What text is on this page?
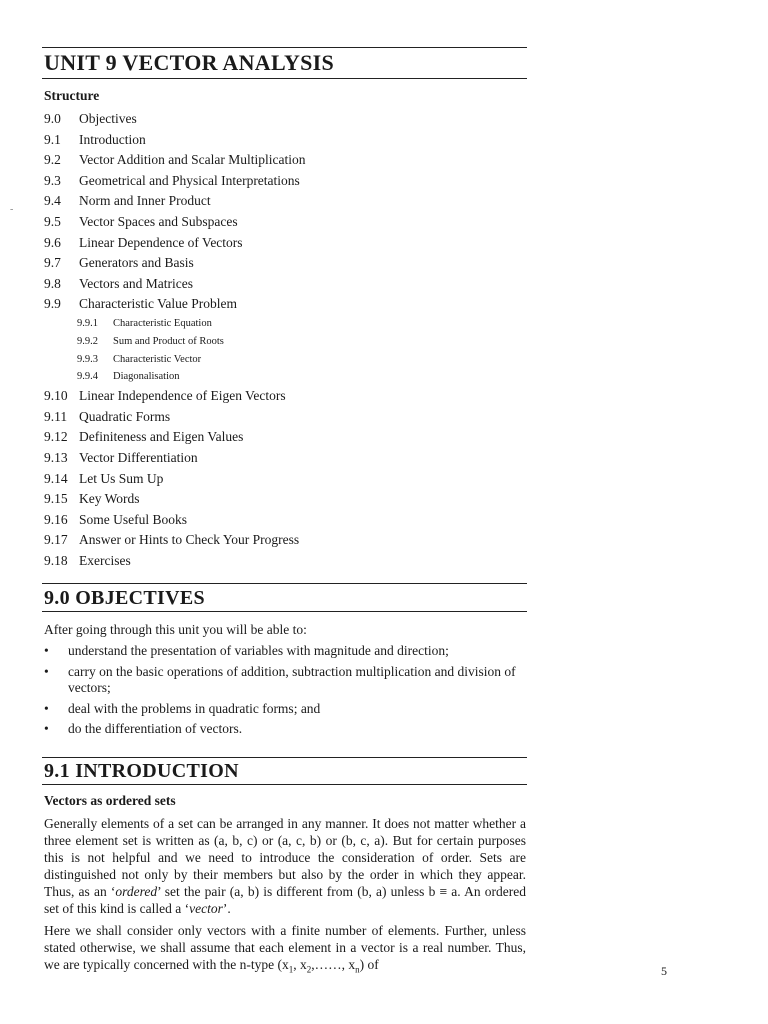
UNIT 9 VECTOR ANALYSIS
Structure
9.0 Objectives
9.1 Introduction
9.2 Vector Addition and Scalar Multiplication
9.3 Geometrical and Physical Interpretations
9.4 Norm and Inner Product
9.5 Vector Spaces and Subspaces
9.6 Linear Dependence of Vectors
9.7 Generators and Basis
9.8 Vectors and Matrices
9.9 Characteristic Value Problem
9.9.1 Characteristic Equation
9.9.2 Sum and Product of Roots
9.9.3 Characteristic Vector
9.9.4 Diagonalisation
9.10 Linear Independence of Eigen Vectors
9.11 Quadratic Forms
9.12 Definiteness and Eigen Values
9.13 Vector Differentiation
9.14 Let Us Sum Up
9.15 Key Words
9.16 Some Useful Books
9.17 Answer or Hints to Check Your Progress
9.18 Exercises
9.0 OBJECTIVES

After going through this unit you will be able to:

• understand the presentation of variables with magnitude and direction;
• carry on the basic operations of addition, subtraction multiplication and division of vectors;
• deal with the problems in quadratic forms; and
• do the differentiation of vectors.
9.1 INTRODUCTION
Vectors as ordered sets

Generally elements of a set can be arranged in any manner. It does not matter whether a three element set is written as (a, b, c) or (a, c, b) or (b, c, a). But for certain purposes this is not helpful and we need to introduce the consideration of order. Sets are distinguished not only by their members but also by the order in which they appear. Thus, as an ‘ordered’ set the pair (a, b) is different from (b, a) unless b ≡ a. An ordered set of this kind is called a ‘vector’.

Here we shall consider only vectors with a finite number of elements. Further, unless stated otherwise, we shall assume that each element in a vector is a real number. Thus, we are typically concerned with the n-type ($x_1$, $x_2,\dots\dots$, $x_n$) of	5
-
